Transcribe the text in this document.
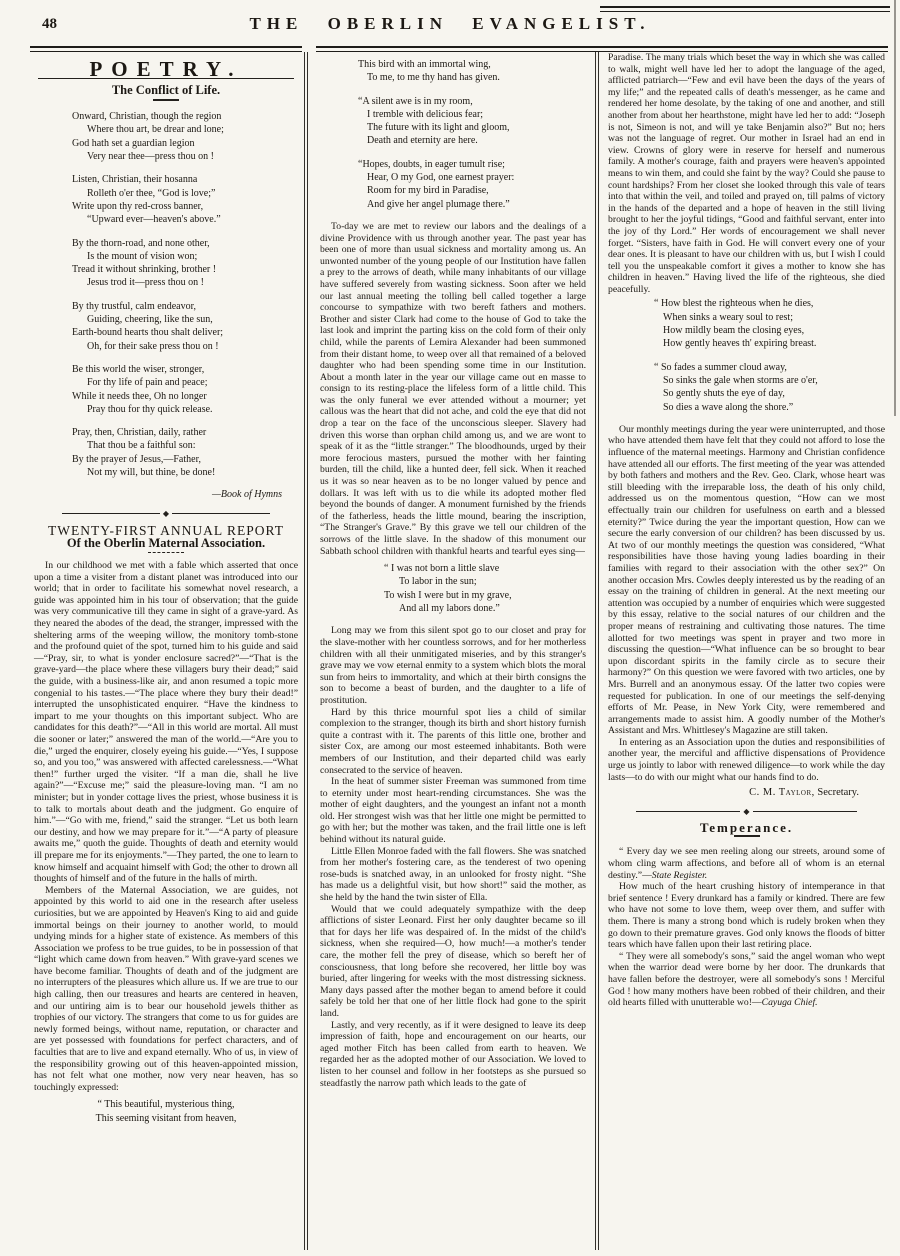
48	THE OBERLIN EVANGELIST.
POETRY.
The Conflict of Life.
Onward, Christian, though the region
Where thou art, be drear and lone;
God hath set a guardian legion
Very near thee—press thou on !
Listen, Christian, their hosanna
Rolleth o'er thee, “God is love;”
Write upon thy red-cross banner,
“Upward ever—heaven's above.”
By the thorn-road, and none other,
Is the mount of vision won;
Tread it without shrinking, brother !
Jesus trod it—press thou on !
By thy trustful, calm endeavor,
Guiding, cheering, like the sun,
Earth-bound hearts thou shalt deliver;
Oh, for their sake press thou on !
Be this world the wiser, stronger,
For thy life of pain and peace;
While it needs thee, Oh no longer
Pray thou for thy quick release.
Pray, then, Christian, daily, rather
That thou be a faithful son:
By the prayer of Jesus,—Father,
Not my will, but thine, be done!
—Book of Hymns
◆
TWENTY-FIRST ANNUAL REPORT
Of the Oberlin Maternal Association.

In our childhood we met with a fable which asserted that once upon a time a visiter from a distant planet was introduced into our world; that in order to facilitate his somewhat novel research, a guide was appointed him in his tour of observation; that the guide was very communicative till they came in sight of a grave-yard. As they neared the abodes of the dead, the stranger, impressed with the sheltering arms of the weeping willow, the monitory tomb-stone and the profound quiet of the spot, turned him to his guide and said—“Pray, sir, to what is yonder enclosure sacred?”—“That is the grave-yard—the place where these villagers bury their dead;” said the guide, with a business-like air, and anon resumed a topic more congenial to his tastes.—“The place where they bury their dead!” interrupted the unsophisticated enquirer. “Have the kindness to impart to me your thoughts on this important subject. Who are candidates for this death?”—“All in this world are mortal. All must die sooner or later;” answered the man of the world.—“Are you to die,” urged the enquirer, closely eyeing his guide.—“Yes, I suppose so, and you too,” was answered with affected carelessness.—“What then!” further urged the visiter. “If a man die, shall he live again?”—“Excuse me;” said the pleasure-loving man. “I am no minister; but in yonder cottage lives the priest, whose business it is to talk to mortals about death and the judgment. Go enquire of him.”—“Go with me, friend,” said the stranger. “Let us both learn our destiny, and how we may prepare for it.”—“A party of pleasure awaits me,” quoth the guide. Thoughts of death and eternity would ill prepare me for its enjoyments.”—They parted, the one to learn to know himself and acquaint himself with God; the other to drown all thoughts of himself and of the future in the halls of mirth.

Members of the Maternal Association, we are guides, not appointed by this world to aid one in the research after useless curiosities, but we are appointed by Heaven's King to aid and guide immortal beings on their journey to another world, to mould undying minds for a higher state of existence. As members of this Association we profess to be true guides, to be in possession of that “light which came down from heaven.” With grave-yard scenes we have become familiar. Thoughts of death and of the judgment are no interrupters of the pleasures which allure us. If we are true to our high calling, then our treasures and hearts are centered in heaven, and our untiring aim is to bear our household jewels thither as trophies of our victory. The strangers that come to us for guides are newly formed beings, without name, reputation, or character and are yet possessed with foundations for perfect characters, and of faculties that are to live and expand eternally. Who of us, in view of the responsibility growing out of this heaven-appointed mission, has not felt what one mother, now very near heaven, has so touchingly expressed:

“ This beautiful, mysterious thing,
This seeming visitant from heaven,
This bird with an immortal wing,
To me, to me thy hand has given.
“A silent awe is in my room,
I tremble with delicious fear;
The future with its light and gloom,
Death and eternity are here.
“Hopes, doubts, in eager tumult rise;
Hear, O my God, one earnest prayer:
Room for my bird in Paradise,
And give her angel plumage there.”

To-day we are met to review our labors and the dealings of a divine Providence with us through another year. The past year has been one of more than usual sickness and mortality among us. An unwonted number of the young people of our Institution have fallen a prey to the arrows of death, while many inhabitants of our village have suffered severely from wasting sickness. Soon after we held our last annual meeting the tolling bell called together a large concourse to sympathize with two bereft fathers and mothers. Brother and sister Clark had come to the house of God to take the last look and imprint the parting kiss on the cold form of their only child, while the parents of Lemira Alexander had been summoned from their distant home, to weep over all that remained of a beloved daughter who had been spending some time in our Institution. About a month later in the year our village came out en masse to consign to its resting-place the lifeless form of a little child. This was the only funeral we ever attended without a mourner; yet callous was the heart that did not ache, and cold the eye that did not drop a tear on the face of the unconscious sleeper. Slavery had driven this worse than orphan child among us, and we are wont to speak of it as the “little stranger.” The bloodhounds, urged by their more ferocious masters, pursued the mother with her fainting burden, till the child, like a hunted deer, fell sick. When it reached us it was so near heaven as to be no longer valued by pence and dollars. It was left with us to die while its adopted mother fled beyond the bounds of danger. A monument furnished by the friends of the fatherless, heads the little mound, bearing the inscription, “The Stranger's Grave.” By this grave we tell our children of the sorrows of the little slave. In the shadow of this monument our Sabbath school children with thankful hearts and tearful eyes sing—

“ I was not born a little slave
To labor in the sun;
To wish I were but in my grave,
And all my labors done.”

Long may we from this silent spot go to our closet and pray for the slave-mother with her countless sorrows, and for her motherless children with all their unmitigated miseries, and by this stranger's grave may we vow eternal enmity to a system which blots the moral sun from heirs to immortality, and which at their birth consigns the son to become a beast of burden, and the daughter to a life of prostitution.

Hard by this thrice mournful spot lies a child of similar complexion to the stranger, though its birth and short history furnish quite a contrast with it. The parents of this little one, brother and sister Cox, are among our most esteemed inhabitants. Both were members of our Institution, and their departed child was early consecrated to the service of heaven.

In the heat of summer sister Freeman was summoned from time to eternity under most heart-rending circumstances. She was the mother of eight daughters, and the youngest an infant not a month old. Her strongest wish was that her little one might be permitted to go with her; but the mother was taken, and the frail little one is left behind without its natural guide.

Little Ellen Monroe faded with the fall flowers. She was snatched from her mother's fostering care, as the tenderest of two opening rose-buds is snatched away, in an unlooked for frosty night. “She has made us a delightful visit, but how short!” said the mother, as she held by the hand the twin sister of Ella.

Would that we could adequately sympathize with the deep afflictions of sister Leonard. First her only daughter became so ill that for days her life was despaired of. In the midst of the child's sickness, when she required—O, how much!—a mother's tender care, the mother fell the prey of disease, which so bereft her of consciousness, that long before she recovered, her little boy was buried, after lingering for weeks with the most distressing sickness. Many days passed after the mother began to amend before it could safely be told her that one of her little flock had gone to the spirit land.

Lastly, and very recently, as if it were designed to leave its deep impression of faith, hope and encouragement on our hearts, our aged mother Fitch has been called from earth to heaven. We regarded her as the adopted mother of our Association. We loved to listen to her counsel and follow in her footsteps as she pursued so steadfastly the narrow path which leads to the gate of

Paradise. The many trials which beset the way in which she was called to walk, might well have led her to adopt the language of the aged, afflicted patriarch—“Few and evil have been the days of the years of my life;” and the repeated calls of death's messenger, as he came and rendered her home desolate, by the taking of one and another, and still another from about her hearthstone, might have led her to add: “Joseph is not, Simeon is not, and will ye take Benjamin also?” But no; hers was not the language of regret. Our mother in Israel had an end in view. Crowns of glory were in reserve for herself and numerous family. A mother's courage, faith and prayers were heaven's appointed means to win them, and could she faint by the way? Could she pause to count hardships? From her closet she looked through this vale of tears into that within the veil, and toiled and prayed on, till palms of victory in the hands of the departed and a hope of heaven in the still living brought to her the joyful tidings, “Good and faithful servant, enter into the joy of thy Lord.” Her words of encouragement we shall never forget. “Sisters, have faith in God. He will convert every one of your dear ones. It is pleasant to have our children with us, but I wish I could tell you the unspeakable comfort it gives a mother to know she has children in heaven.” Having lived the life of the righteous, she died peacefully.

“ How blest the righteous when he dies,
When sinks a weary soul to rest;
How mildly beam the closing eyes,
How gently heaves th' expiring breast.
“ So fades a summer cloud away,
So sinks the gale when storms are o'er,
So gently shuts the eye of day,
So dies a wave along the shore.”

Our monthly meetings during the year were uninterrupted, and those who have attended them have felt that they could not afford to lose the influence of the maternal meetings. Harmony and Christian confidence have attended all our efforts. The first meeting of the year was attended by both fathers and mothers and the Rev. Geo. Clark, whose heart was still bleeding with the irreparable loss, the death of his only child, addressed us on the momentous question, “How can we most effectually train our children for usefulness on earth and a blessed eternity?” Twice during the year the important question, How can we secure the early conversion of our children? has been discussed by us. At two of our monthly meetings the question was considered, “What responsibilities have those having young ladies boarding in their families with regard to their association with the other sex?” On another occasion Mrs. Cowles deeply interested us by the reading of an essay on the training of children in general. At the next meeting our attention was occupied by a number of enquiries which were suggested by this essay, relative to the social natures of our children and the proper means of restraining and cultivating those natures. The time allotted for two meetings was spent in prayer and two more in discussing the question—“What influence can be so brought to bear upon discordant spirits in the family circle as to secure their harmony?” On this question we were favored with two articles, one by Mrs. Burrell and an anonymous essay. Of the latter two copies were requested for publication. In one of our meetings the self-denying efforts of Mr. Pease, in New York City, were remembered and arrangements made to assist him. A goodly number of the Mother's Assistant and Mrs. Whittlesey's Magazine are still taken.

In entering as an Association upon the duties and responsibilities of another year, the merciful and afflictive dispensations of Providence urge us jointly to labor with renewed diligence—to work while the day lasts—to do with our might what our hands find to do.

C. M. Taylor, Secretary.
◆
Temperance.

“ Every day we see men reeling along our streets, around some of whom cling warm affections, and before all of whom is an eternal destiny.”—State Register.

How much of the heart crushing history of intemperance in that brief sentence ! Every drunkard has a family or kindred. There are few who have not some to love them, weep over them, and suffer with them. There is many a strong bond which is rudely broken when they go down to their premature graves. God only knows the floods of bitter tears which have fallen upon their last retiring place.

“ They were all somebody's sons,” said the angel woman who wept when the warrior dead were borne by her door. The drunkards that have fallen before the destroyer, were all somebody's sons ! Merciful God ! how many mothers have been robbed of their children, and their old hearts filled with unutterable wo!—Cayuga Chief.
